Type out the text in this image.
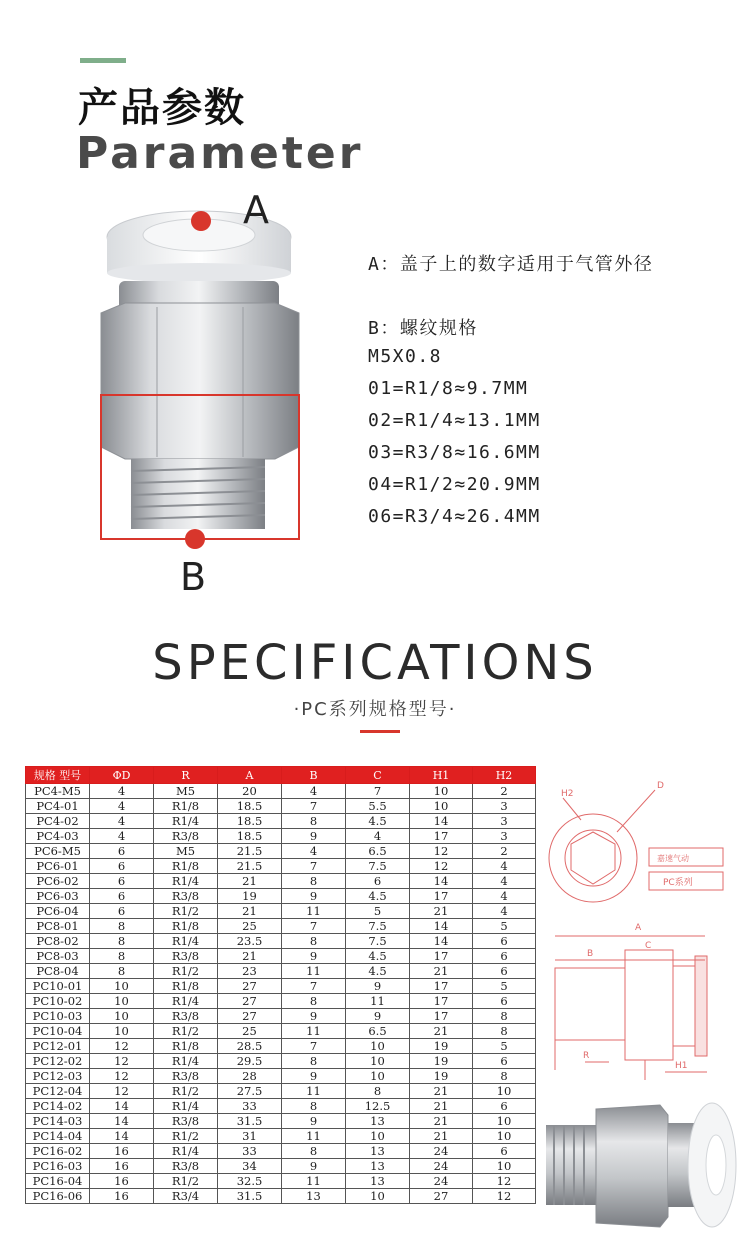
产品参数
Parameter
A
B
A：盖子上的数字适用于气管外径
B：螺纹规格
M5X0.8
01=R1/8≈9.7MM
02=R1/4≈13.1MM
03=R3/8≈16.6MM
04=R1/2≈20.9MM
06=R3/4≈26.4MM
SPECIFICATIONS
·PC系列规格型号·
规格 型号	ΦD	R	A	B	C	H1	H2
PC4-M5	4	M5	20	4	7	10	2
PC4-01	4	R1/8	18.5	7	5.5	10	3
PC4-02	4	R1/4	18.5	8	4.5	14	3
PC4-03	4	R3/8	18.5	9	4	17	3
PC6-M5	6	M5	21.5	4	6.5	12	2
PC6-01	6	R1/8	21.5	7	7.5	12	4
PC6-02	6	R1/4	21	8	6	14	4
PC6-03	6	R3/8	19	9	4.5	17	4
PC6-04	6	R1/2	21	11	5	21	4
PC8-01	8	R1/8	25	7	7.5	14	5
PC8-02	8	R1/4	23.5	8	7.5	14	6
PC8-03	8	R3/8	21	9	4.5	17	6
PC8-04	8	R1/2	23	11	4.5	21	6
PC10-01	10	R1/8	27	7	9	17	5
PC10-02	10	R1/4	27	8	11	17	6
PC10-03	10	R3/8	27	9	9	17	8
PC10-04	10	R1/2	25	11	6.5	21	8
PC12-01	12	R1/8	28.5	7	10	19	5
PC12-02	12	R1/4	29.5	8	10	19	6
PC12-03	12	R3/8	28	9	10	19	8
PC12-04	12	R1/2	27.5	11	8	21	10
PC14-02	14	R1/4	33	8	12.5	21	6
PC14-03	14	R3/8	31.5	9	13	21	10
PC14-04	14	R1/2	31	11	10	21	10
PC16-02	16	R1/4	33	8	13	24	6
PC16-03	16	R3/8	34	9	13	24	10
PC16-04	16	R1/2	32.5	11	13	24	12
PC16-06	16	R3/4	31.5	13	10	27	12
H2
D
A
B
C
R
H1
嘉速气动
PC系列
